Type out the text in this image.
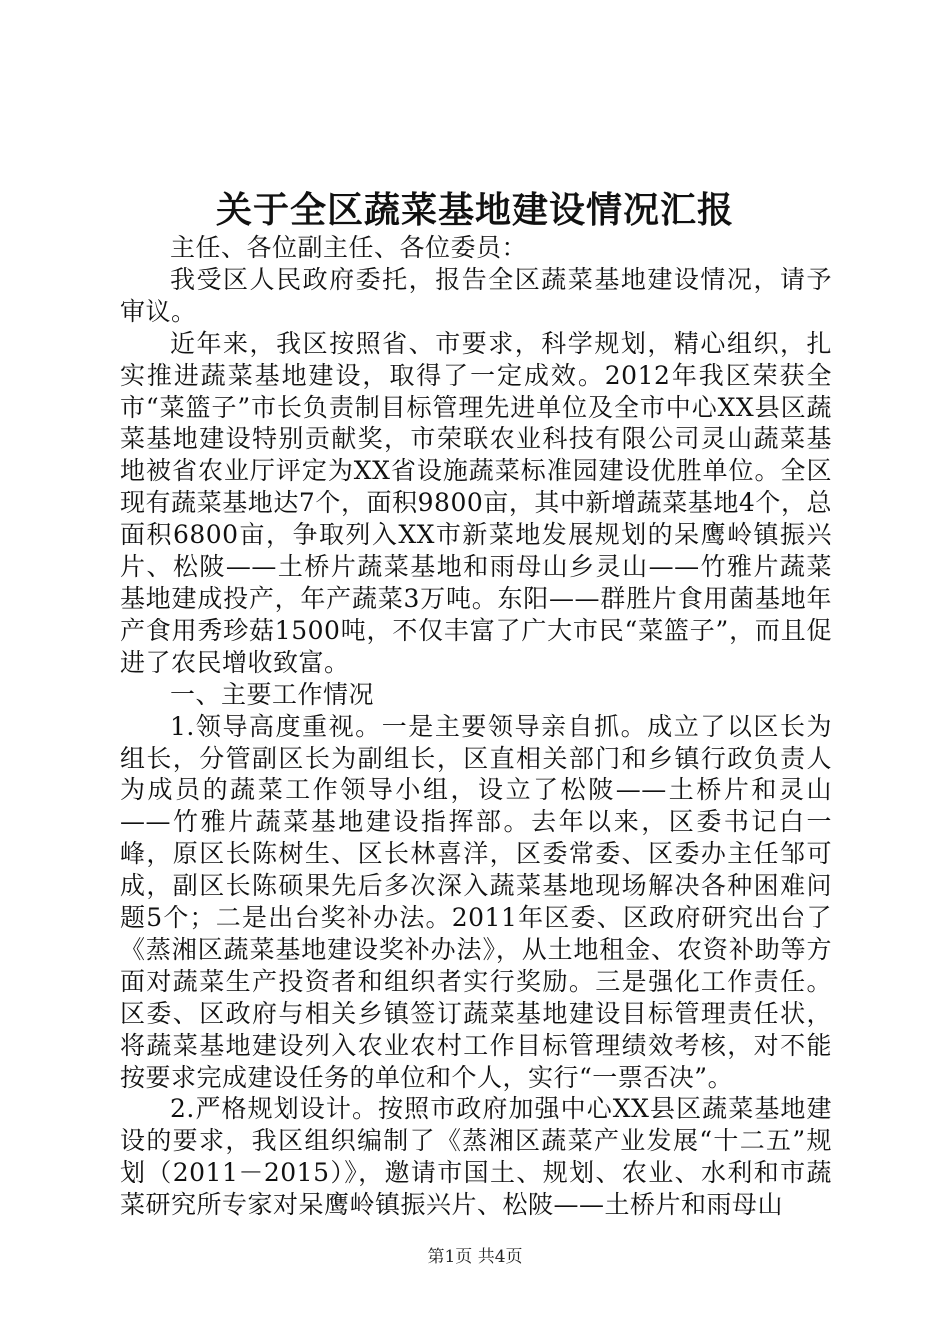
关于全区蔬菜基地建设情况汇报

主任、各位副主任、各位委员：

我受区人民政府委托，报告全区蔬菜基地建设情况，请予审议。

近年来，我区按照省、市要求，科学规划，精心组织，扎实推进蔬菜基地建设，取得了一定成效。2012年我区荣获全市“菜篮子”市长负责制目标管理先进单位及全市中心XX县区蔬菜基地建设特别贡献奖，市荣联农业科技有限公司灵山蔬菜基地被省农业厅评定为XX省设施蔬菜标准园建设优胜单位。全区现有蔬菜基地达7个，面积9800亩，其中新增蔬菜基地4个，总面积6800亩，争取列入XX市新菜地发展规划的呆鹰岭镇振兴片、松陂——土桥片蔬菜基地和雨母山乡灵山——竹雅片蔬菜基地建成投产，年产蔬菜3万吨。东阳——群胜片食用菌基地年产食用秀珍菇1500吨，不仅丰富了广大市民“菜篮子”，而且促进了农民增收致富。

一、主要工作情况

1.领导高度重视。一是主要领导亲自抓。成立了以区长为组长，分管副区长为副组长，区直相关部门和乡镇行政负责人为成员的蔬菜工作领导小组，设立了松陂——土桥片和灵山——竹雅片蔬菜基地建设指挥部。去年以来，区委书记白一峰，原区长陈树生、区长林喜洋，区委常委、区委办主任邹可成，副区长陈硕果先后多次深入蔬菜基地现场解决各种困难问题5个；二是出台奖补办法。2011年区委、区政府研究出台了《蒸湘区蔬菜基地建设奖补办法》，从土地租金、农资补助等方面对蔬菜生产投资者和组织者实行奖励。三是强化工作责任。区委、区政府与相关乡镇签订蔬菜基地建设目标管理责任状，将蔬菜基地建设列入农业农村工作目标管理绩效考核，对不能按要求完成建设任务的单位和个人，实行“一票否决”。

2.严格规划设计。按照市政府加强中心XX县区蔬菜基地建设的要求，我区组织编制了《蒸湘区蔬菜产业发展“十二五”规划（2011－2015）》，邀请市国土、规划、农业、水利和市蔬菜研究所专家对呆鹰岭镇振兴片、松陂——土桥片和雨母山

第1页 共4页
